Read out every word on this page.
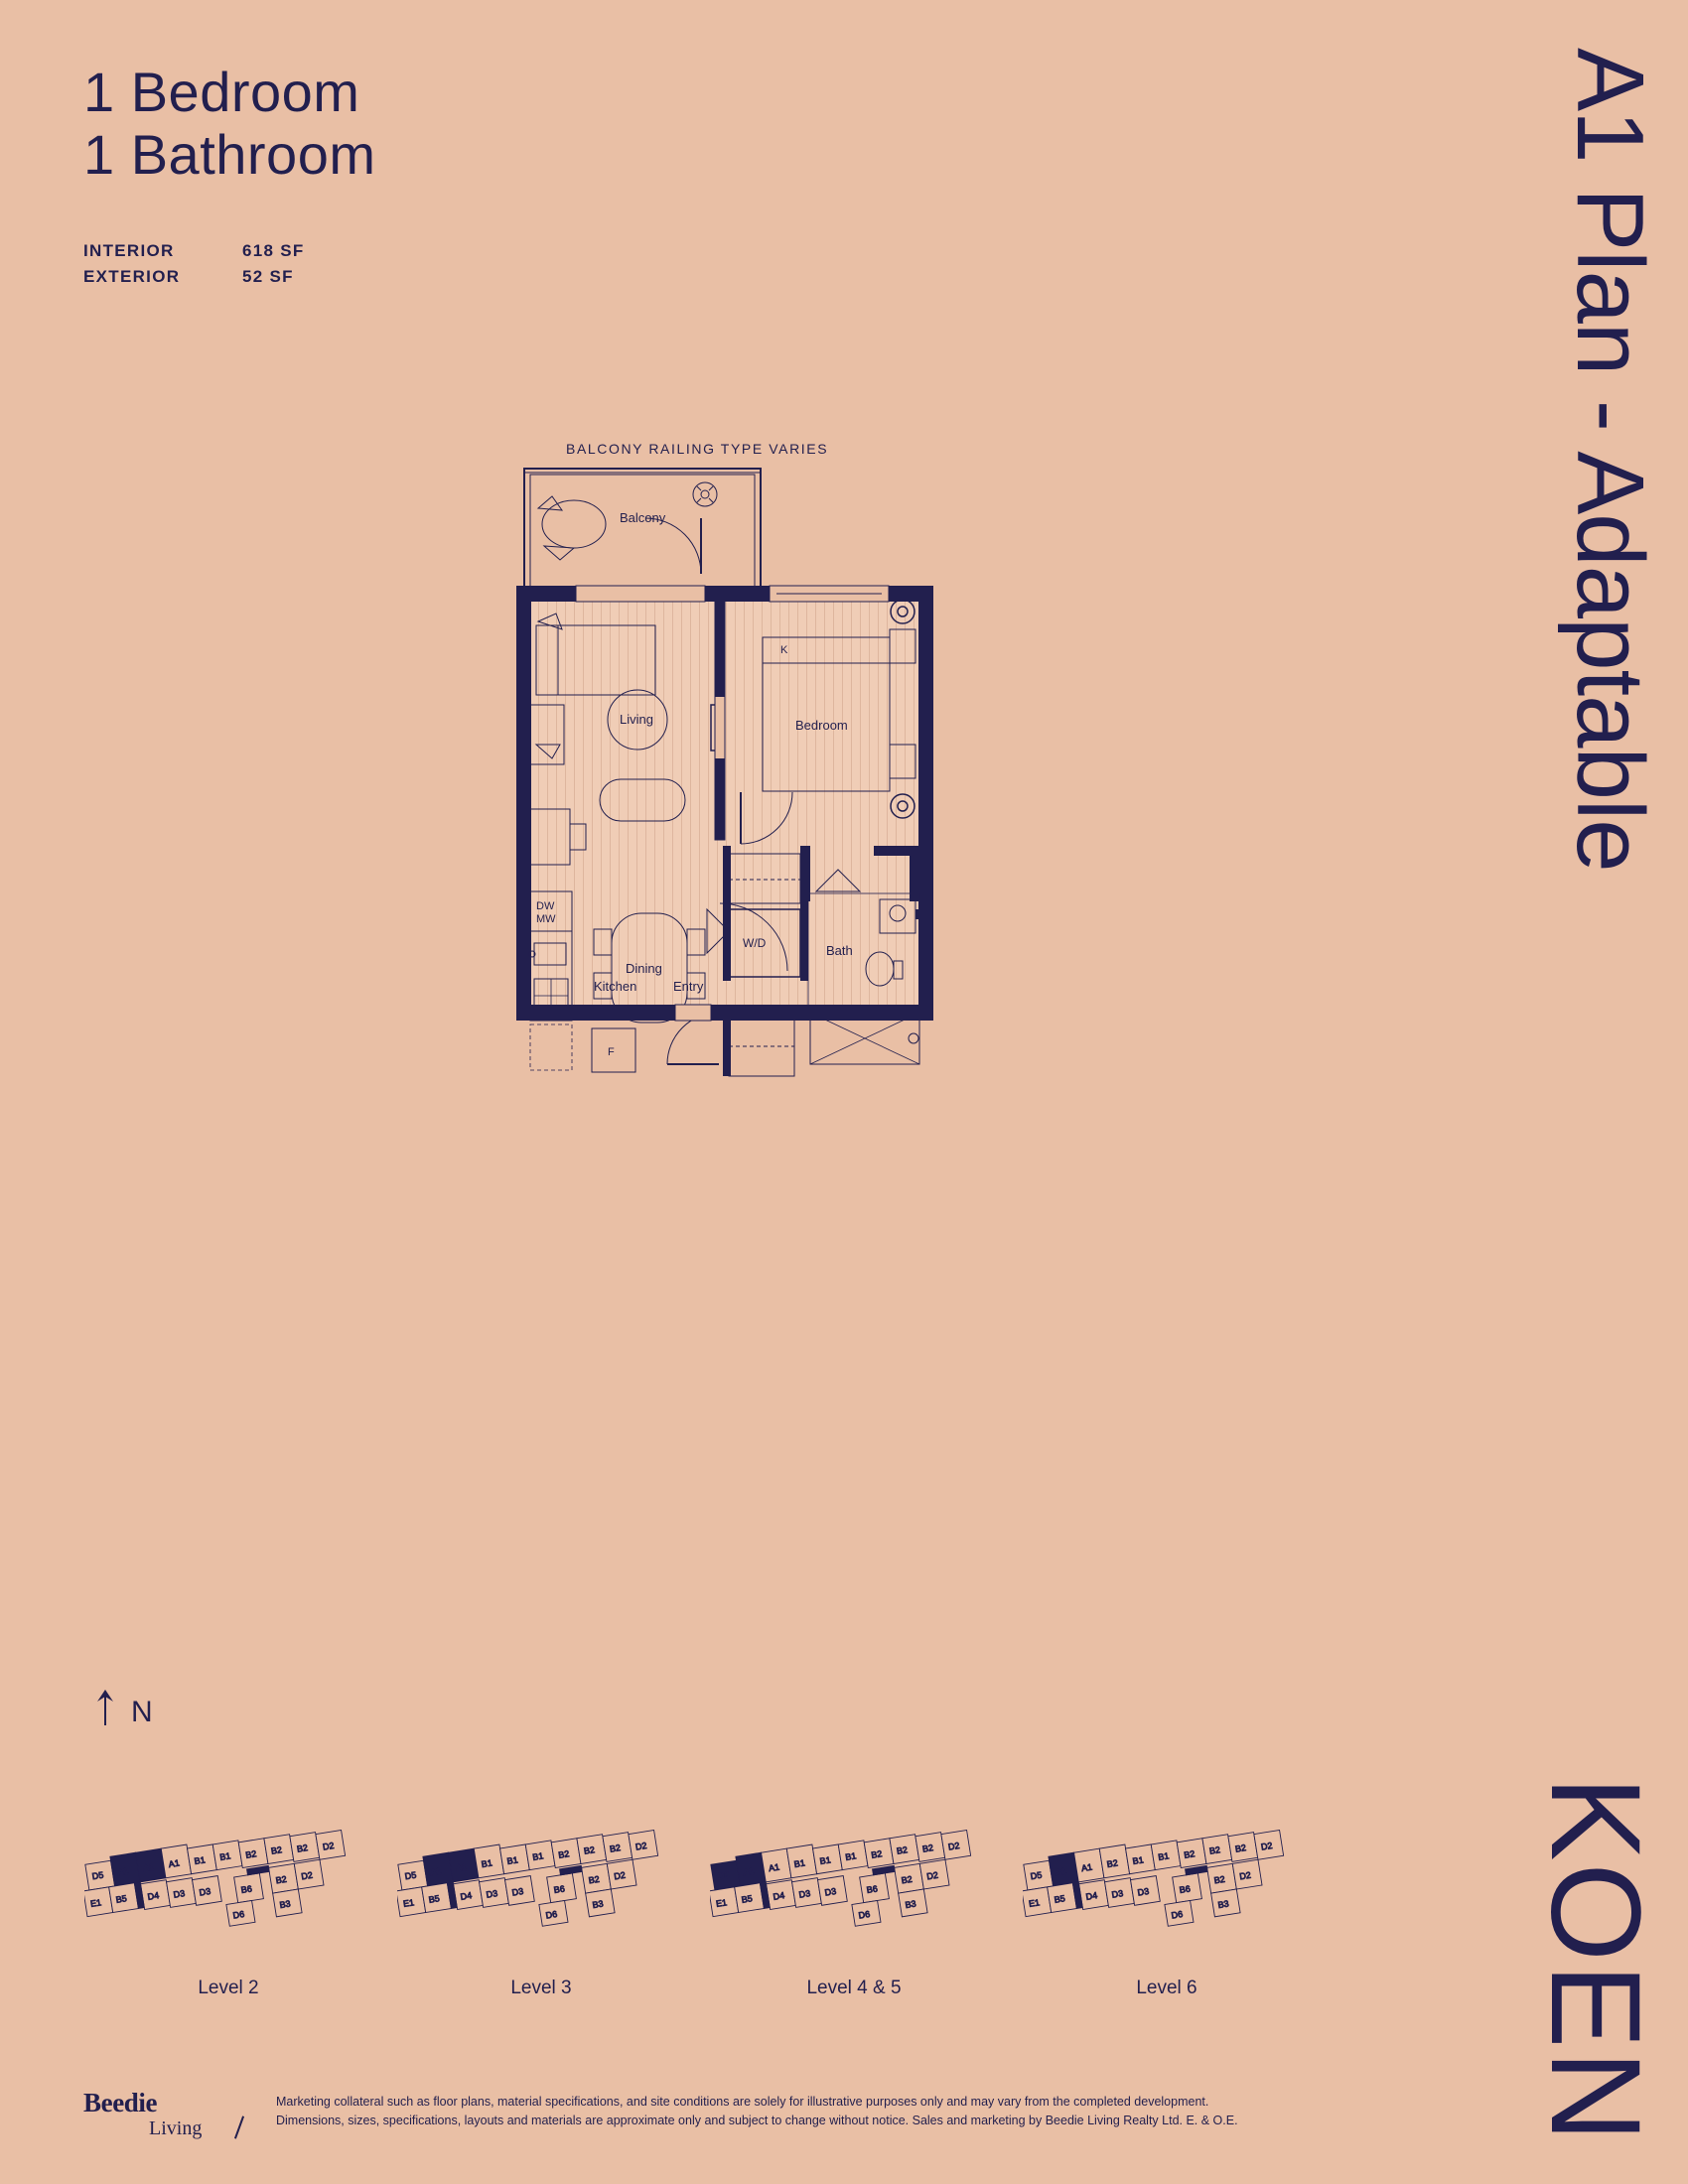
1 Bedroom
1 Bathroom
INTERIOR	618 SF
EXTERIOR	52 SF	A1 Plan - Adaptable
KOEN
BALCONY RAILING TYPE VARIES
Balcony
Living	Bedroom
K
W/D
DW
MW
F
Kitchen
Dining
Entry
Bath
N
D5 A1 A1 A1 B1 B1 B2 B2 B2 D2
E1 B5 D4 D3 D3	B6
B2 D2
D6
B3
Level 2
D5 A1 A1 B1 B1 B1 B2 B2 B2 D2
E1 B5 D4 D3 D3	B6
B2 D2
D6
B3
Level 3
D5 A1 A1 B1 B1 B1 B2 B2 B2 D2
E1 B5 D4 D3 D3	B6
B2 D2
D6
B3
Level 4 & 5
D5 A1 A1 B2 B1 B1 B2 B2 B2 D2
E1 B5 D4 D3 D3	B6
B2 D2
D6
B3
Level 6
Beedie
Living
Marketing collateral such as floor plans, material specifications, and site conditions are solely for illustrative purposes only and may vary from the completed development.
Dimensions, sizes, specifications, layouts and materials are approximate only and subject to change without notice. Sales and marketing by Beedie Living Realty Ltd. E. & O.E.
